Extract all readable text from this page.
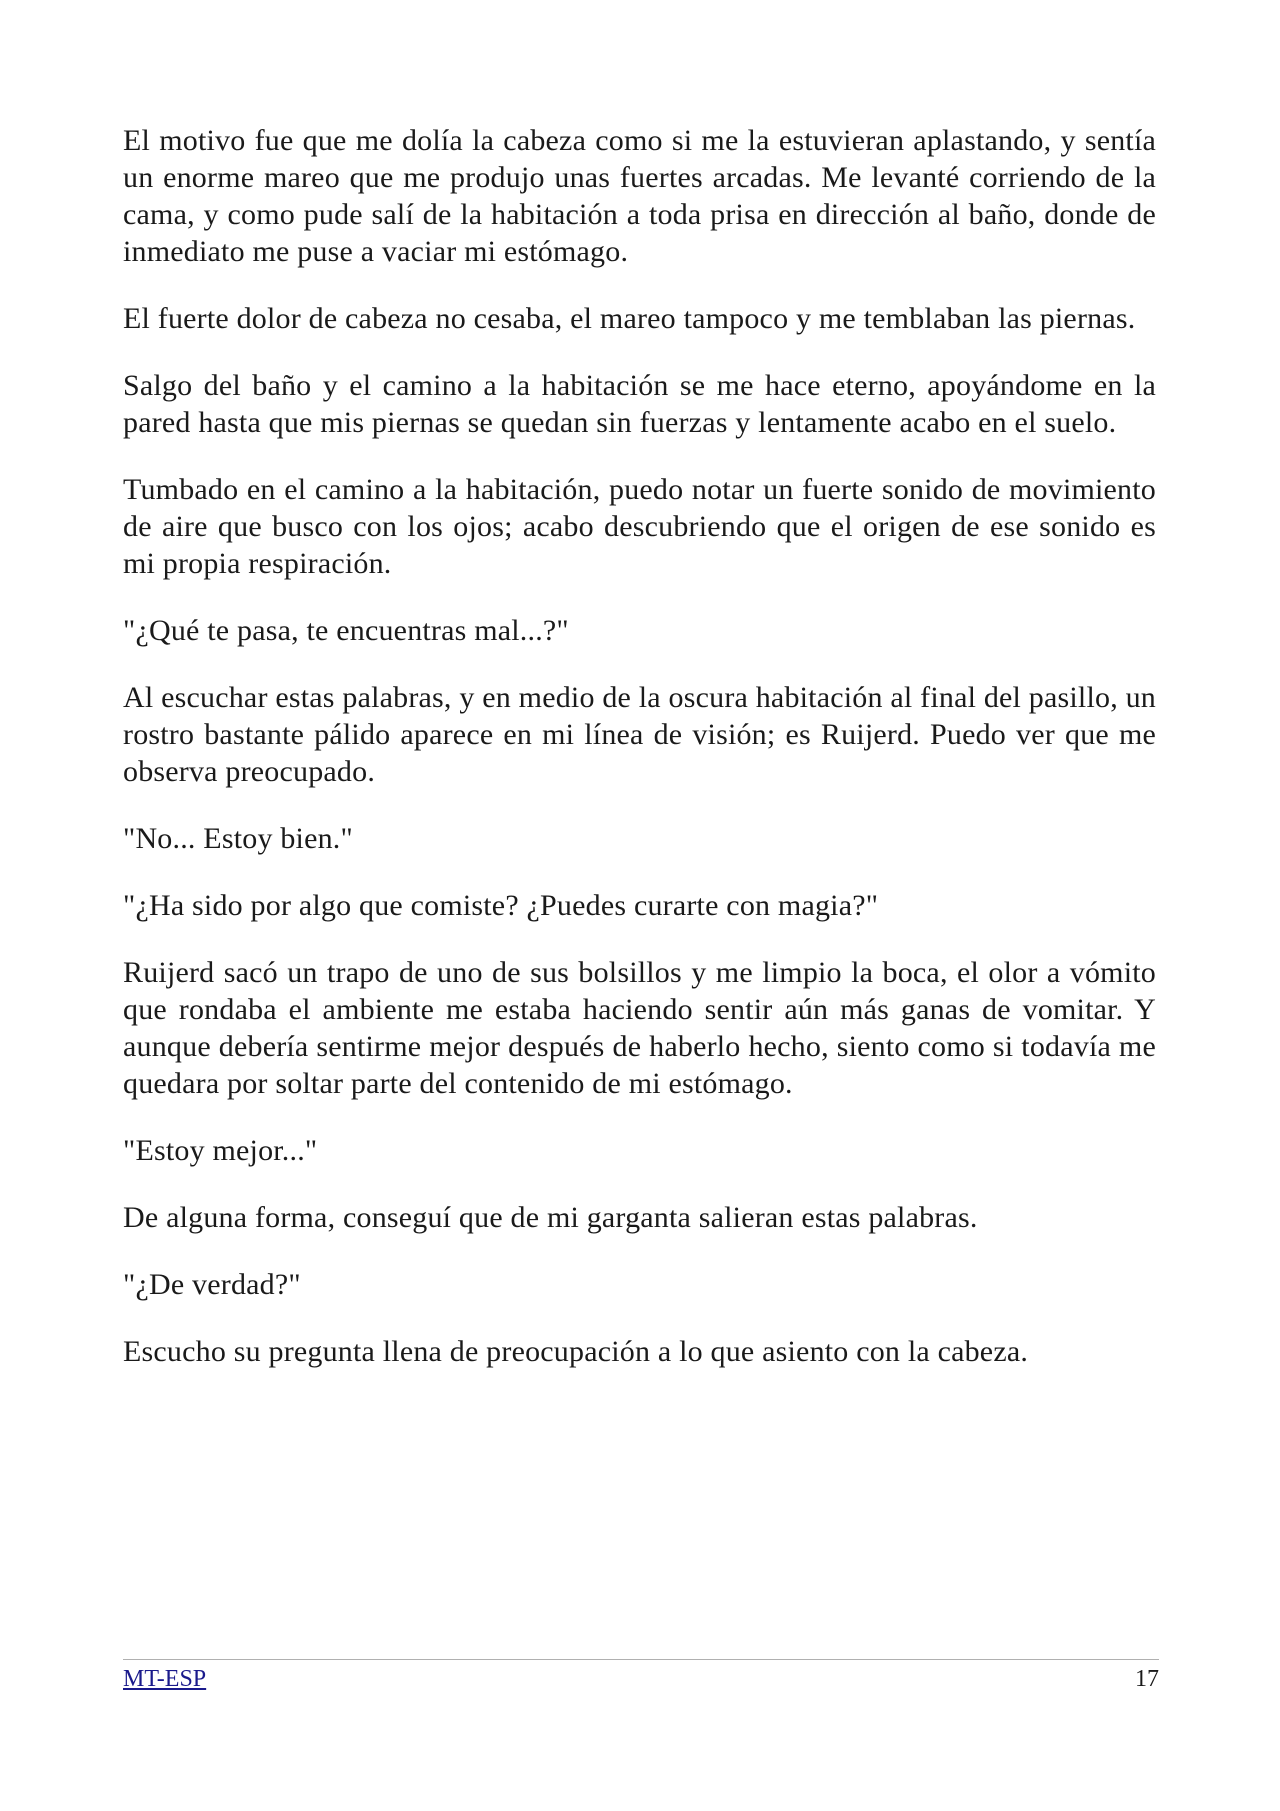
El motivo fue que me dolía la cabeza como si me la estuvieran aplastando, y sentía un enorme mareo que me produjo unas fuertes arcadas. Me levanté corriendo de la cama, y como pude salí de la habitación a toda prisa en dirección al baño, donde de inmediato me puse a vaciar mi estómago.

El fuerte dolor de cabeza no cesaba, el mareo tampoco y me temblaban las piernas.

Salgo del baño y el camino a la habitación se me hace eterno, apoyándome en la pared hasta que mis piernas se quedan sin fuerzas y lentamente acabo en el suelo.

Tumbado en el camino a la habitación, puedo notar un fuerte sonido de movimiento de aire que busco con los ojos; acabo descubriendo que el origen de ese sonido es mi propia respiración.

"¿Qué te pasa, te encuentras mal...?"

Al escuchar estas palabras, y en medio de la oscura habitación al final del pasillo, un rostro bastante pálido aparece en mi línea de visión; es Ruijerd. Puedo ver que me observa preocupado.

"No... Estoy bien."

"¿Ha sido por algo que comiste? ¿Puedes curarte con magia?"

Ruijerd sacó un trapo de uno de sus bolsillos y me limpio la boca, el olor a vómito que rondaba el ambiente me estaba haciendo sentir aún más ganas de vomitar. Y aunque debería sentirme mejor después de haberlo hecho, siento como si todavía me quedara por soltar parte del contenido de mi estómago.

"Estoy mejor..."

De alguna forma, conseguí que de mi garganta salieran estas palabras.

"¿De verdad?"

Escucho su pregunta llena de preocupación a lo que asiento con la cabeza.

MT-ESP	17
